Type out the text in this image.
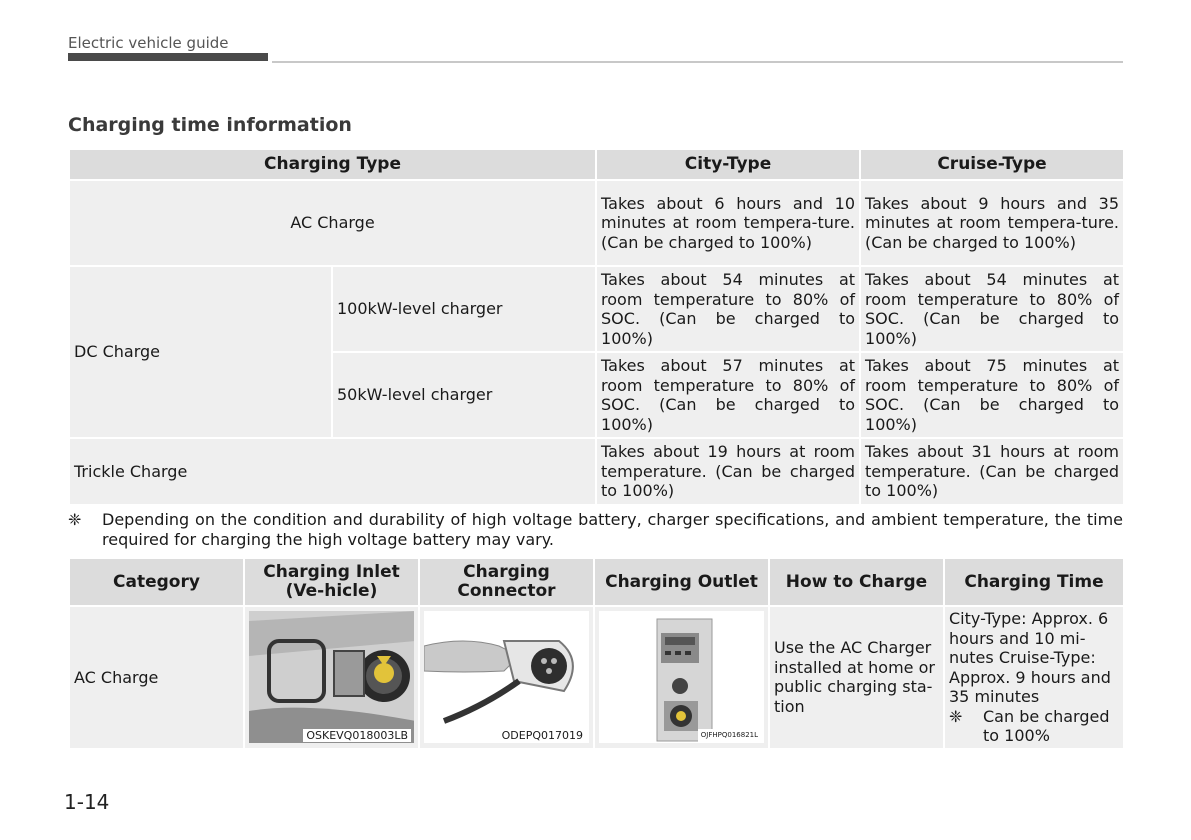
Electric vehicle guide
Charging time information
Charging Type		City-Type	Cruise-Type
AC Charge		Takes about 6 hours and 10 minutes at room tempera-ture. (Can be charged to 100%)	Takes about 9 hours and 35 minutes at room tempera-ture. (Can be charged to 100%)
DC Charge	100kW-level charger	Takes about 54 minutes at room temperature to 80% of SOC. (Can be charged to 100%)	Takes about 54 minutes at room temperature to 80% of SOC. (Can be charged to 100%)
	50kW-level charger	Takes about 57 minutes at room temperature to 80% of SOC. (Can be charged to 100%)	Takes about 75 minutes at room temperature to 80% of SOC. (Can be charged to 100%)
Trickle Charge		Takes about 19 hours at room temperature. (Can be charged to 100%)	Takes about 31 hours at room temperature. (Can be charged to 100%)
❈ Depending on the condition and durability of high voltage battery, charger specifications, and ambient temperature, the time required for charging the high voltage battery may vary.
Category	Charging Inlet (Ve-hicle)	Charging Connector	Charging Outlet	How to Charge	Charging Time
AC Charge	OSKEVQ018003LB	ODEPQ017019	OJFHPQ016821L	Use the AC Charger installed at home or public charging sta-tion	City-Type: Approx. 6 hours and 10 mi-nutes Cruise-Type: Approx. 9 hours and 35 minutes
❈ Can be charged to 100%
1-14
